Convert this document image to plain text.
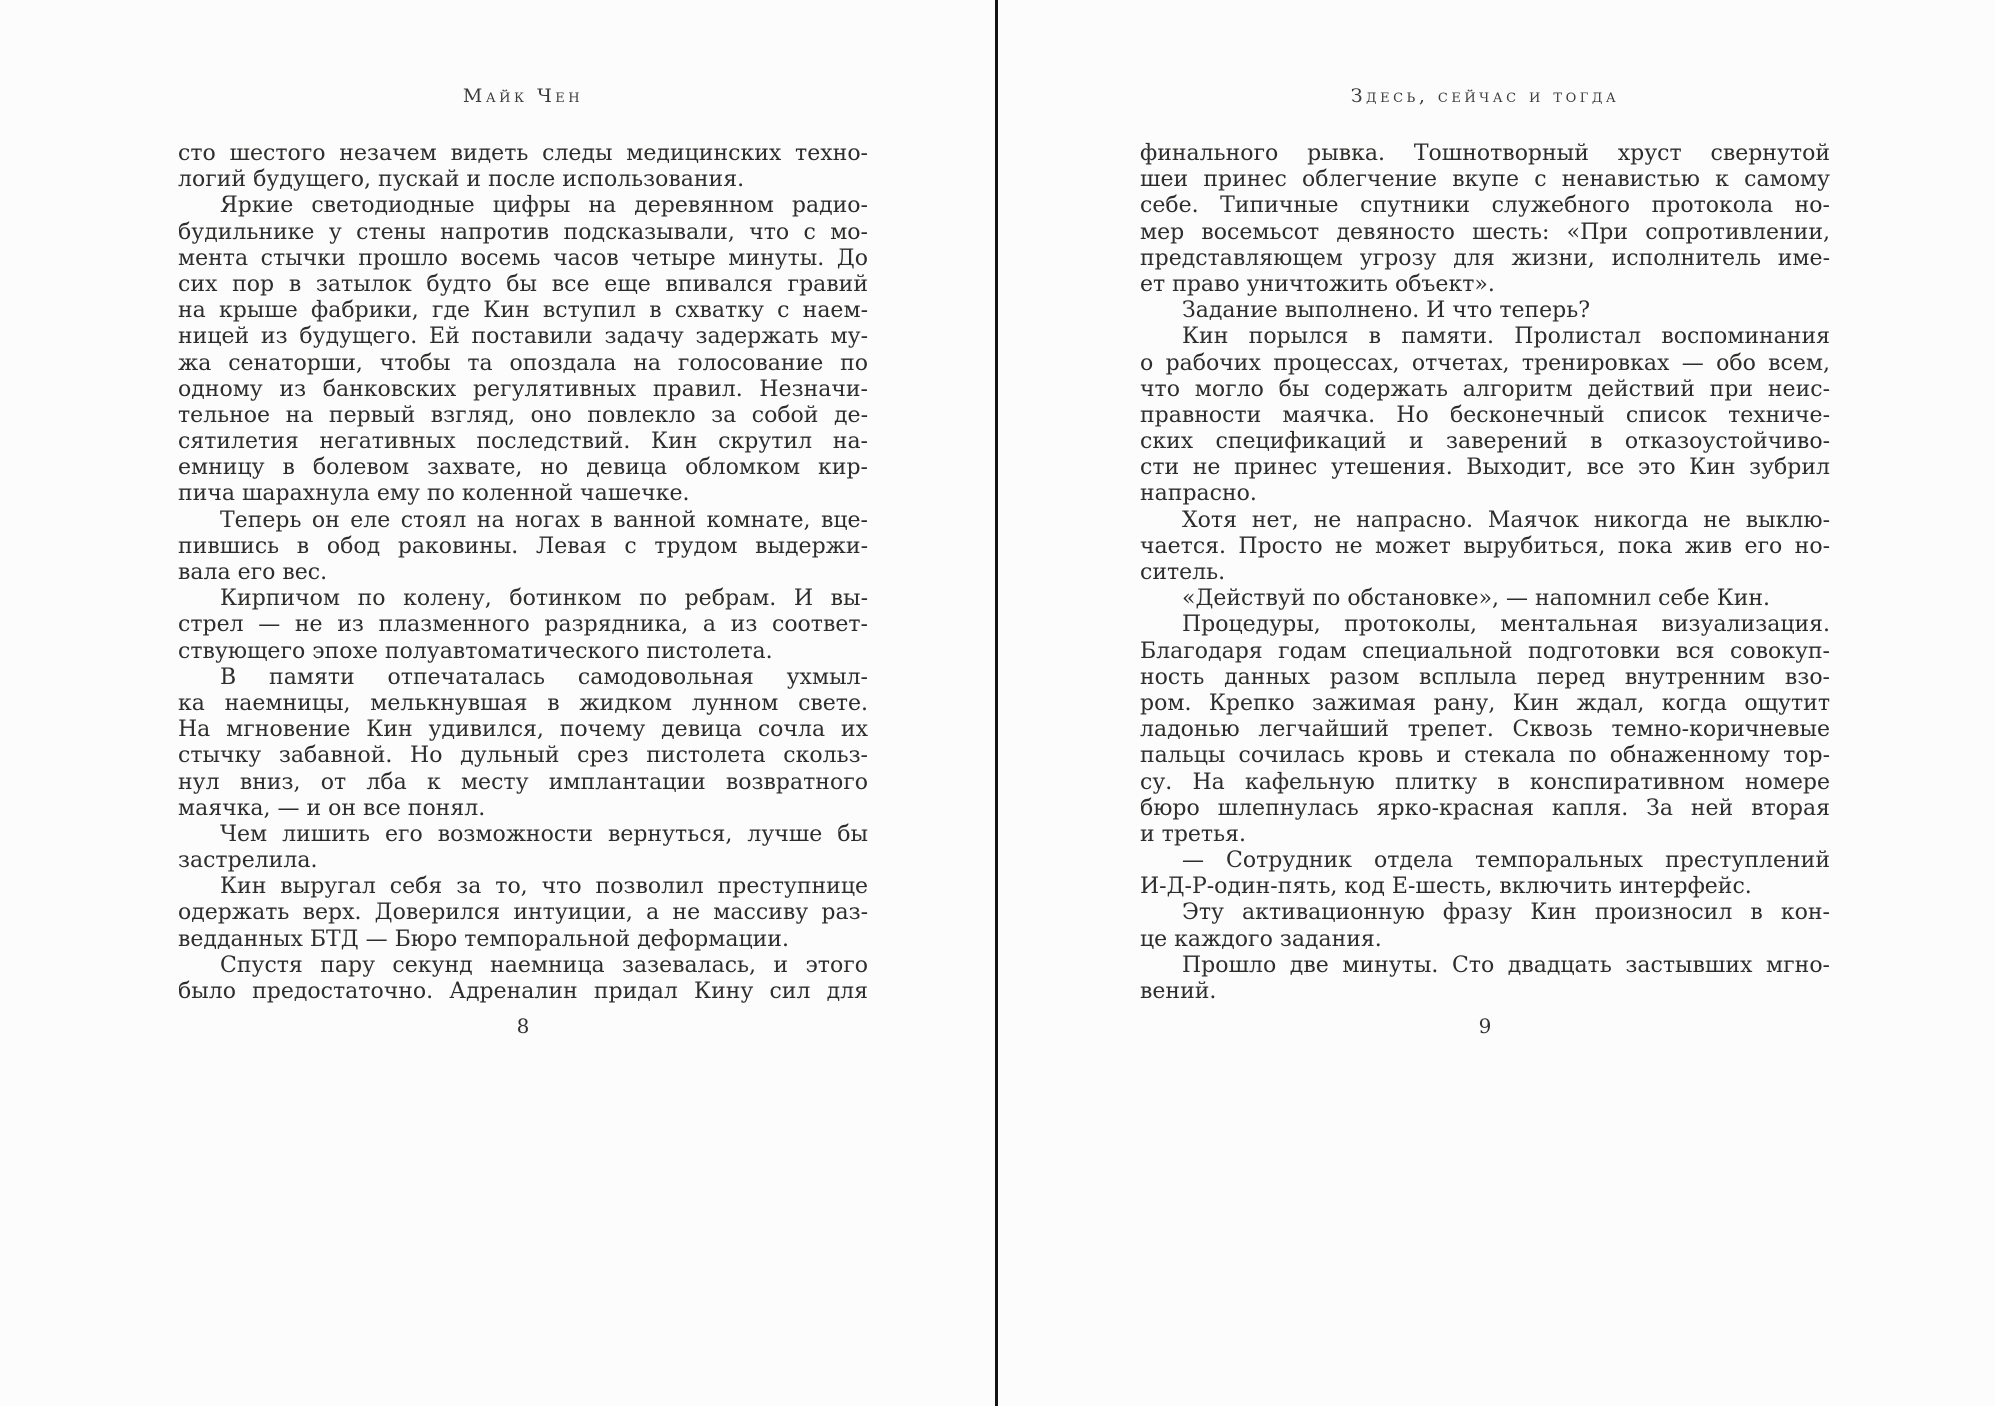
Майк Чен
сто шестого незачем видеть следы медицинских техно-
логий будущего, пускай и после использования.
Яркие светодиодные цифры на деревянном радио-
будильнике у стены напротив подсказывали, что с мо-
мента стычки прошло восемь часов четыре минуты. До
сих пор в затылок будто бы все еще впивался гравий
на крыше фабрики, где Кин вступил в схватку с наем-
ницей из будущего. Ей поставили задачу задержать му-
жа сенаторши, чтобы та опоздала на голосование по
одному из банковских регулятивных правил. Незначи-
тельное на первый взгляд, оно повлекло за собой де-
сятилетия негативных последствий. Кин скрутил на-
емницу в болевом захвате, но девица обломком кир-
пича шарахнула ему по коленной чашечке.
Теперь он еле стоял на ногах в ванной комнате, вце-
пившись в обод раковины. Левая с трудом выдержи-
вала его вес.
Кирпичом по колену, ботинком по ребрам. И вы-
стрел — не из плазменного разрядника, а из соответ-
ствующего эпохе полуавтоматического пистолета.
В памяти отпечаталась самодовольная ухмыл-
ка наемницы, мелькнувшая в жидком лунном свете.
На мгновение Кин удивился, почему девица сочла их
стычку забавной. Но дульный срез пистолета скольз-
нул вниз, от лба к месту имплантации возвратного
маячка, — и он все понял.
Чем лишить его возможности вернуться, лучше бы
застрелила.
Кин выругал себя за то, что позволил преступнице
одержать верх. Доверился интуиции, а не массиву раз-
ведданных БТД — Бюро темпоральной деформации.
Спустя пару секунд наемница зазевалась, и этого
было предостаточно. Адреналин придал Кину сил для
8
Здесь, сейчас и тогда
финального рывка. Тошнотворный хруст свернутой
шеи принес облегчение вкупе с ненавистью к самому
себе. Типичные спутники служебного протокола но-
мер восемьсот девяносто шесть: «При сопротивлении,
представляющем угрозу для жизни, исполнитель име-
ет право уничтожить объект».
Задание выполнено. И что теперь?
Кин порылся в памяти. Пролистал воспоминания
о рабочих процессах, отчетах, тренировках — обо всем,
что могло бы содержать алгоритм действий при неис-
правности маячка. Но бесконечный список техниче-
ских спецификаций и заверений в отказоустойчиво-
сти не принес утешения. Выходит, все это Кин зубрил
напрасно.
Хотя нет, не напрасно. Маячок никогда не выклю-
чается. Просто не может вырубиться, пока жив его но-
ситель.
«Действуй по обстановке», — напомнил себе Кин.
Процедуры, протоколы, ментальная визуализация.
Благодаря годам специальной подготовки вся совокуп-
ность данных разом всплыла перед внутренним взо-
ром. Крепко зажимая рану, Кин ждал, когда ощутит
ладонью легчайший трепет. Сквозь темно-коричневые
пальцы сочилась кровь и стекала по обнаженному тор-
су. На кафельную плитку в конспиративном номере
бюро шлепнулась ярко-красная капля. За ней вторая
и третья.
— Сотрудник отдела темпоральных преступлений
И-Д-Р-один-пять, код Е-шесть, включить интерфейс.
Эту активационную фразу Кин произносил в кон-
це каждого задания.
Прошло две минуты. Сто двадцать застывших мгно-
вений.
9
